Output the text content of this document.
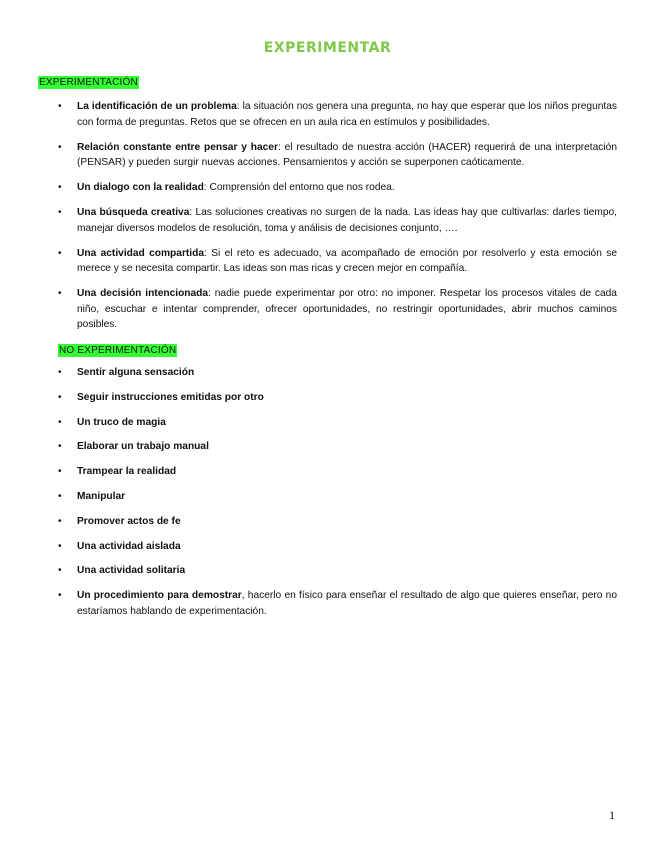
EXPERIMENTAR
EXPERIMENTACIÓN
• La identificación de un problema: la situación nos genera una pregunta, no hay que esperar que los niños preguntas con forma de preguntas. Retos que se ofrecen en un aula rica en estímulos y posibilidades.
• Relación constante entre pensar y hacer: el resultado de nuestra acción (HACER) requerirá de una interpretación (PENSAR) y pueden surgir nuevas acciones. Pensamientos y acción se superponen caóticamente.
• Un dialogo con la realidad: Comprensión del entorno que nos rodea.
• Una búsqueda creativa: Las soluciones creativas no surgen de la nada. Las ideas hay que cultivarlas: darles tiempo, manejar diversos modelos de resolución, toma y análisis de decisiones conjunto, ….
• Una actividad compartida: Si el reto es adecuado, va acompañado de emoción por resolverlo y esta emoción se merece y se necesita compartir. Las ideas son mas ricas y crecen mejor en compañía.
• Una decisión intencionada: nadie puede experimentar por otro: no imponer. Respetar los procesos vitales de cada niño, escuchar e intentar comprender, ofrecer oportunidades, no restringir oportunidades, abrir muchos caminos posibles.
NO EXPERIMENTACIÓN
• Sentir alguna sensación
• Seguir instrucciones emitidas por otro
• Un truco de magia
• Elaborar un trabajo manual
• Trampear la realidad
• Manipular
• Promover actos de fe
• Una actividad aislada
• Una actividad solitaria
• Un procedimiento para demostrar, hacerlo en físico para enseñar el resultado de algo que quieres enseñar, pero no estaríamos hablando de experimentación.
1
